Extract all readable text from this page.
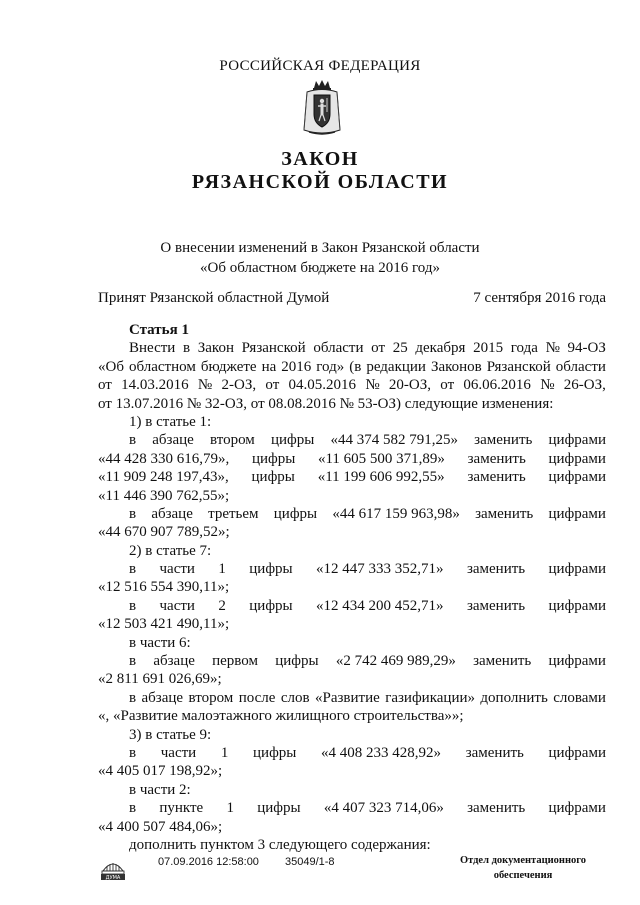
РОССИЙСКАЯ ФЕДЕРАЦИЯ
ЗАКОН
РЯЗАНСКОЙ ОБЛАСТИ
О внесении изменений в Закон Рязанской области
«Об областном бюджете на 2016 год»
Принят Рязанской областной Думой	7 сентября 2016 года
Статья 1
Внести в Закон Рязанской области от 25 декабря 2015 года № 94-ОЗ
«Об областном бюджете на 2016 год» (в редакции Законов Рязанской области
от 14.03.2016 № 2-ОЗ, от 04.05.2016 № 20-ОЗ, от 06.06.2016 № 26-ОЗ,
от 13.07.2016 № 32-ОЗ, от 08.08.2016 № 53-ОЗ) следующие изменения:
1) в статье 1:
в абзаце втором цифры «44 374 582 791,25» заменить цифрами
«44 428 330 616,79», цифры «11 605 500 371,89» заменить цифрами
«11 909 248 197,43», цифры «11 199 606 992,55» заменить цифрами
«11 446 390 762,55»;
в абзаце третьем цифры «44 617 159 963,98» заменить цифрами
«44 670 907 789,52»;
2) в статье 7:
в части 1 цифры «12 447 333 352,71» заменить цифрами
«12 516 554 390,11»;
в части 2 цифры «12 434 200 452,71» заменить цифрами
«12 503 421 490,11»;
в части 6:
в абзаце первом цифры «2 742 469 989,29» заменить цифрами
«2 811 691 026,69»;
в абзаце втором после слов «Развитие газификации» дополнить словами
«, «Развитие малоэтажного жилищного строительства»»;
3) в статье 9:
в части 1 цифры «4 408 233 428,92» заменить цифрами
«4 405 017 198,92»;
в части 2:
в пункте 1 цифры «4 407 323 714,06» заменить цифрами
«4 400 507 484,06»;
дополнить пунктом 3 следующего содержания:
ДУМА
07.09.2016 12:58:00 35049/1-8	Отдел документационного
обеспечения
